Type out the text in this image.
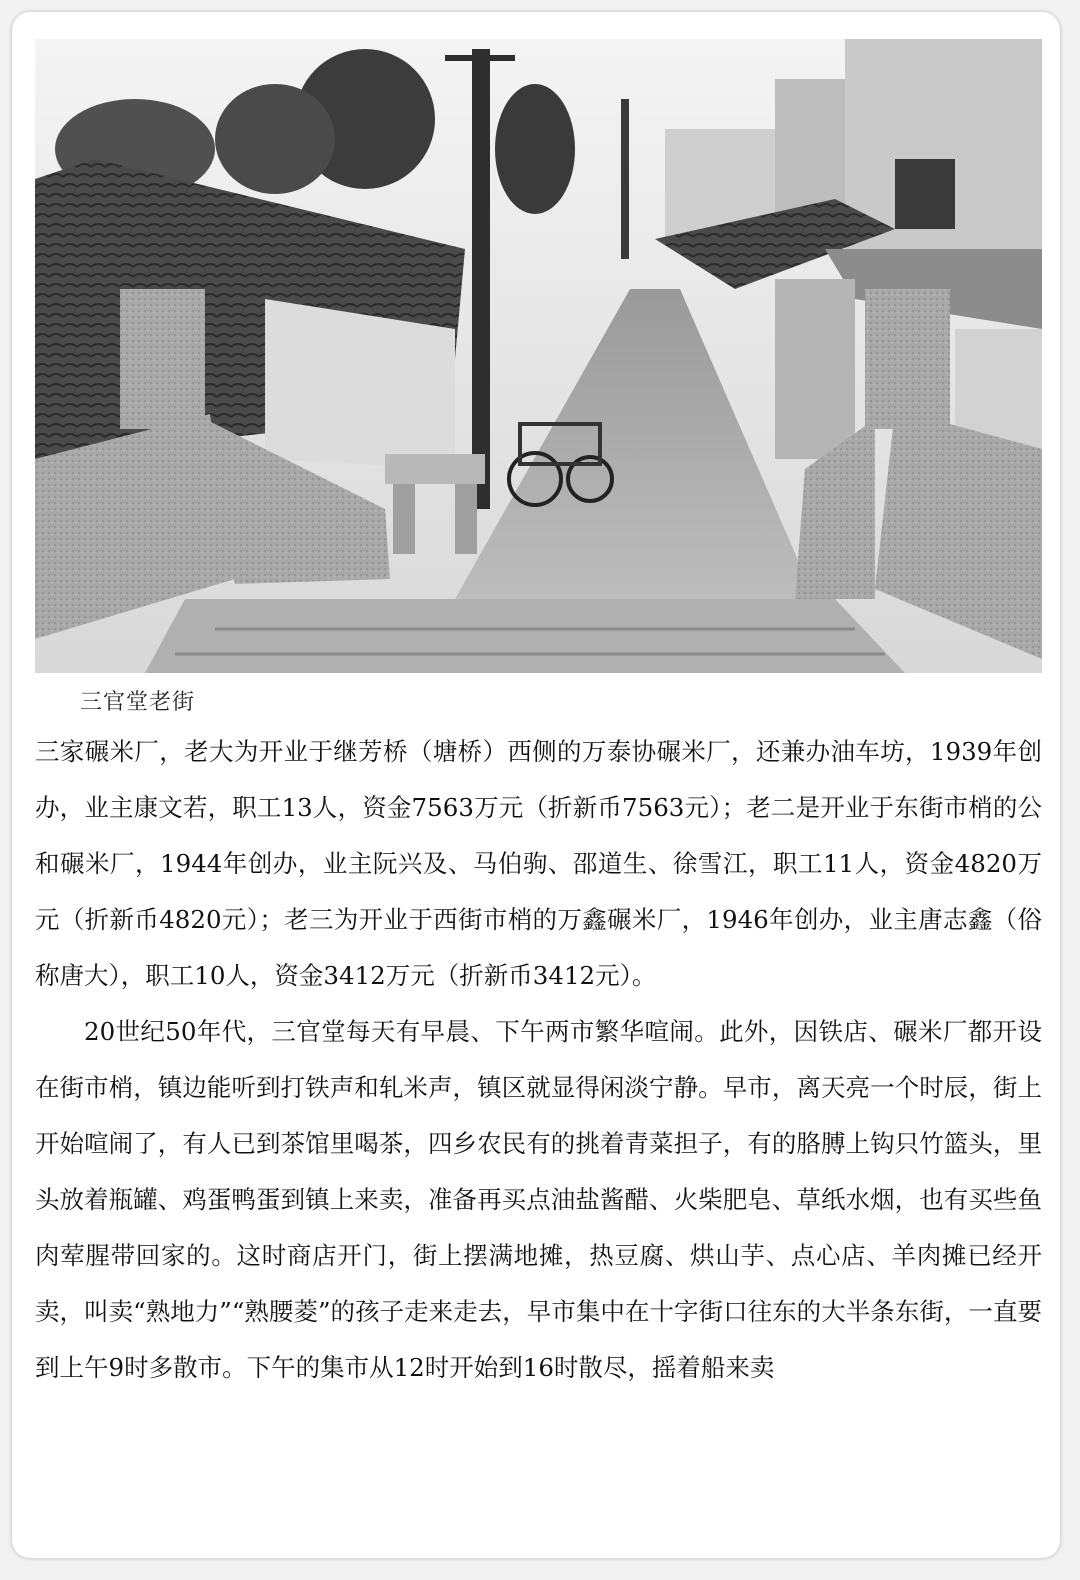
三官堂老街

三家碾米厂，老大为开业于继芳桥（塘桥）西侧的万泰协碾米厂，还兼办油车坊，1939年创办，业主康文若，职工13人，资金7563万元（折新币7563元）；老二是开业于东街市梢的公和碾米厂，1944年创办，业主阮兴及、马伯驹、邵道生、徐雪江，职工11人，资金4820万元（折新币4820元）；老三为开业于西街市梢的万鑫碾米厂，1946年创办，业主唐志鑫（俗称唐大），职工10人，资金3412万元（折新币3412元）。

20世纪50年代，三官堂每天有早晨、下午两市繁华喧闹。此外，因铁店、碾米厂都开设在街市梢，镇边能听到打铁声和轧米声，镇区就显得闲淡宁静。早市，离天亮一个时辰，街上开始喧闹了，有人已到茶馆里喝茶，四乡农民有的挑着青菜担子，有的胳膊上钩只竹篮头，里头放着瓶罐、鸡蛋鸭蛋到镇上来卖，准备再买点油盐酱醋、火柴肥皂、草纸水烟，也有买些鱼肉荤腥带回家的。这时商店开门，街上摆满地摊，热豆腐、烘山芋、点心店、羊肉摊已经开卖，叫卖“熟地力”“熟腰菱”的孩子走来走去，早市集中在十字街口往东的大半条东街，一直要到上午9时多散市。下午的集市从12时开始到16时散尽，摇着船来卖
